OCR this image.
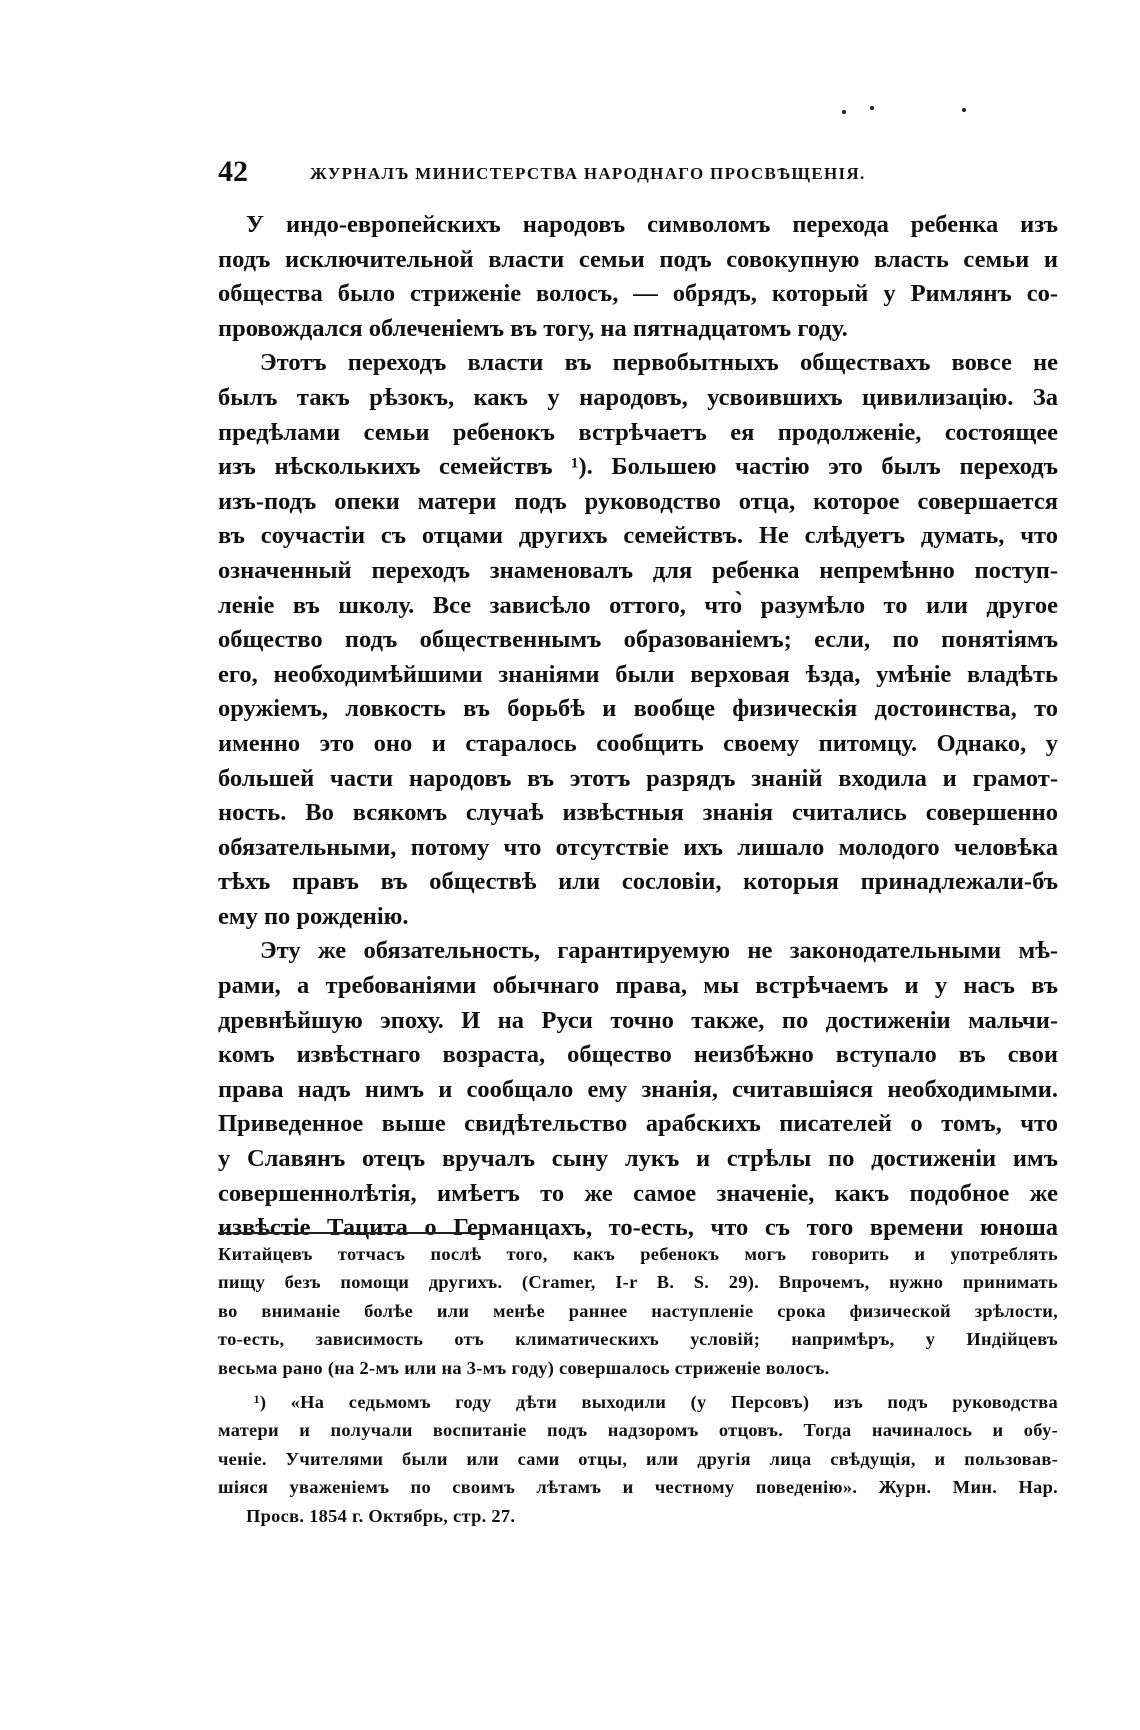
42	ЖУРНАЛЪ МИНИСТЕРСТВА НАРОДНАГО ПРОСВѢЩЕНІЯ.
У индо-европейскихъ народовъ символомъ перехода ребенка изъ
подъ исключительной власти семьи подъ совокупную власть семьи и
общества было стриженіе волосъ, — обрядъ, который у Римлянъ со-
провождался облеченіемъ въ тогу, на пятнадцатомъ году.
Этотъ переходъ власти въ первобытныхъ обществахъ вовсе не
былъ такъ рѣзокъ, какъ у народовъ, усвоившихъ цивилизацію. За
предѣлами семьи ребенокъ встрѣчаетъ ея продолженіе, состоящее
изъ нѣсколькихъ семействъ ¹). Большею частію это былъ переходъ
изъ-подъ опеки матери подъ руководство отца, которое совершается
въ соучастіи съ отцами другихъ семействъ. Не слѣдуетъ думать, что
означенный переходъ знаменовалъ для ребенка непремѣнно поступ-
леніе въ школу. Все зависѣло оттого, что̀ разумѣло то или другое
общество подъ общественнымъ образованіемъ; если, по понятіямъ
его, необходимѣйшими знаніями были верховая ѣзда, умѣніе владѣть
оружіемъ, ловкость въ борьбѣ и вообще физическія достоинства, то
именно это оно и старалось сообщить своему питомцу. Однако, у
большей части народовъ въ этотъ разрядъ знаній входила и грамот-
ность. Во всякомъ случаѣ извѣстныя знанія считались совершенно
обязательными, потому что отсутствіе ихъ лишало молодого человѣка
тѣхъ правъ въ обществѣ или сословіи, которыя принадлежали-бъ
ему по рожденію.
Эту же обязательность, гарантируемую не законодательными мѣ-
рами, а требованіями обычнаго права, мы встрѣчаемъ и у насъ въ
древнѣйшую эпоху. И на Руси точно также, по достиженіи мальчи-
комъ извѣстнаго возраста, общество неизбѣжно вступало въ свои
права надъ нимъ и сообщало ему знанія, считавшіяся необходимыми.
Приведенное выше свидѣтельство арабскихъ писателей о томъ, что
у Славянъ отецъ вручалъ сыну лукъ и стрѣлы по достиженіи имъ
совершеннолѣтія, имѣетъ то же самое значеніе, какъ подобное же
извѣстіе Тацита о Германцахъ, то-есть, что съ того времени юноша
Китайцевъ тотчасъ послѣ того, какъ ребенокъ могъ говорить и употреблять
пищу безъ помощи другихъ. (Cramer, I-r B. S. 29). Впрочемъ, нужно принимать
во вниманіе болѣе или менѣе раннее наступленіе срока физической зрѣлости,
то-есть, зависимость отъ климатическихъ условій; напримѣръ, у Индійцевъ
весьма рано (на 2-мъ или на 3-мъ году) совершалось стриженіе волосъ.
¹) «На седьмомъ году дѣти выходили (у Персовъ) изъ подъ руководства
матери и получали воспитаніе подъ надзоромъ отцовъ. Тогда начиналось и обу-
ченіе. Учителями были или сами отцы, или другія лица свѣдущія, и пользовав-
шіяся уваженіемъ по своимъ лѣтамъ и честному поведенію». Журн. Мин. Нар.
Просв. 1854 г. Октябрь, стр. 27.
